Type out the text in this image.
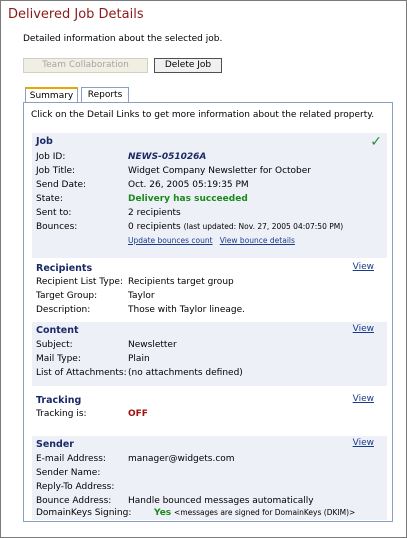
Delivered Job Details
Detailed information about the selected job.
Team Collaboration	Delete Job
Summary	Reports
Click on the Detail Links to get more information about the related property.
Job	✓
Job ID:	NEWS-051026A
Job Title:	Widget Company Newsletter for October
Send Date:	Oct. 26, 2005 05:19:35 PM
State:	Delivery has succeeded
Sent to:	2 recipients
Bounces:	0 recipients (last updated: Nov. 27, 2005 04:07:50 PM)
Update bounces count View bounce details
Recipients	View
Recipient List Type: Recipients target group
Target Group:	Taylor
Description:	Those with Taylor lineage.
Content	View
Subject:	Newsletter
Mail Type:	Plain
List of Attachments: (no attachments defined)
Tracking	View
Tracking is:	OFF
Sender	View
E-mail Address: manager@widgets.com
Sender Name:
Reply-To Address:
Bounce Address: Handle bounced messages automatically
DomainKeys Signing:	Yes <messages are signed for DomainKeys (DKIM)>
